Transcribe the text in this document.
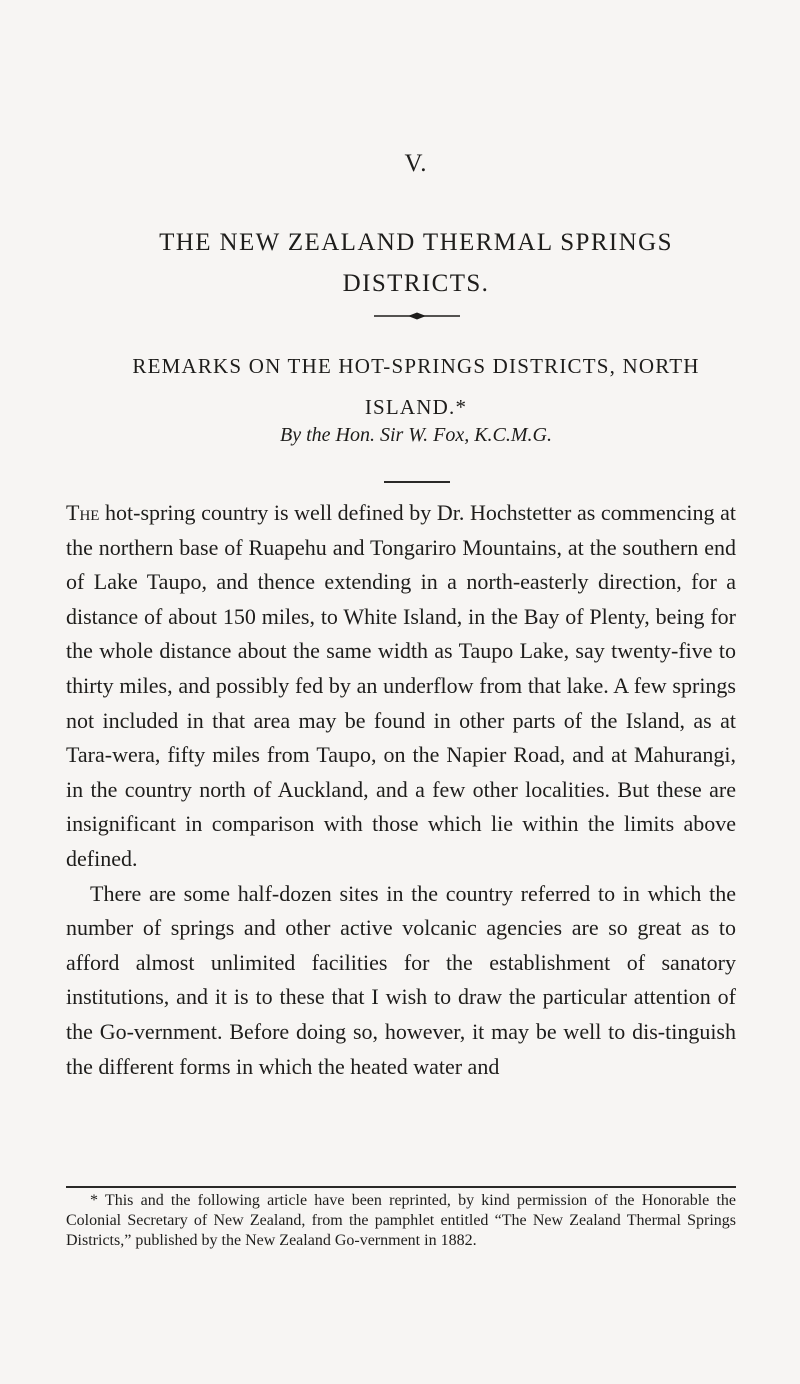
V.
THE NEW ZEALAND THERMAL SPRINGS
DISTRICTS.
REMARKS ON THE HOT-SPRINGS DISTRICTS, NORTH
ISLAND.*
By the Hon. Sir W. Fox, K.C.M.G.

The hot-spring country is well defined by Dr. Hochstetter as commencing at the northern base of Ruapehu and Tongariro Mountains, at the southern end of Lake Taupo, and thence extending in a north-easterly direction, for a distance of about 150 miles, to White Island, in the Bay of Plenty, being for the whole distance about the same width as Taupo Lake, say twenty-five to thirty miles, and possibly fed by an underflow from that lake. A few springs not included in that area may be found in other parts of the Island, as at Tara-wera, fifty miles from Taupo, on the Napier Road, and at Mahurangi, in the country north of Auckland, and a few other localities. But these are insignificant in comparison with those which lie within the limits above defined.

There are some half-dozen sites in the country referred to in which the number of springs and other active volcanic agencies are so great as to afford almost unlimited facilities for the establishment of sanatory institutions, and it is to these that I wish to draw the particular attention of the Go-vernment. Before doing so, however, it may be well to dis-tinguish the different forms in which the heated water and

* This and the following article have been reprinted, by kind permission of the Honorable the Colonial Secretary of New Zealand, from the pamphlet entitled “The New Zealand Thermal Springs Districts,” published by the New Zealand Go-vernment in 1882.
